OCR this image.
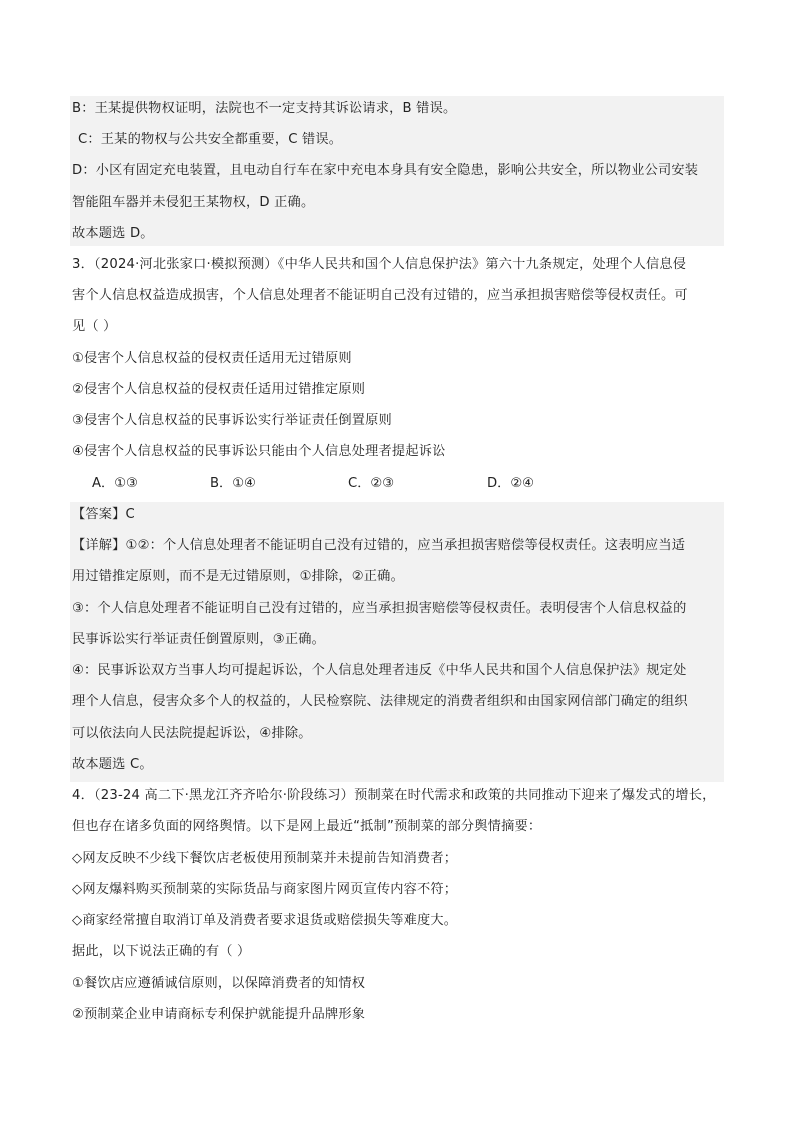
B：王某提供物权证明，法院也不一定支持其诉讼请求，B 错误。
C：王某的物权与公共安全都重要，C 错误。
D：小区有固定充电装置，且电动自行车在家中充电本身具有安全隐患，影响公共安全，所以物业公司安装
智能阻车器并未侵犯王某物权，D 正确。
故本题选 D。
3．（2024·河北张家口·模拟预测）《中华人民共和国个人信息保护法》第六十九条规定，处理个人信息侵
害个人信息权益造成损害，个人信息处理者不能证明自己没有过错的，应当承担损害赔偿等侵权责任。可
见（ ）
①侵害个人信息权益的侵权责任适用无过错原则
②侵害个人信息权益的侵权责任适用过错推定原则
③侵害个人信息权益的民事诉讼实行举证责任倒置原则
④侵害个人信息权益的民事诉讼只能由个人信息处理者提起诉讼
A．①③	B．①④	C．②③	D．②④
【答案】C
【详解】①②：个人信息处理者不能证明自己没有过错的，应当承担损害赔偿等侵权责任。这表明应当适
用过错推定原则，而不是无过错原则，①排除，②正确。
③：个人信息处理者不能证明自己没有过错的，应当承担损害赔偿等侵权责任。表明侵害个人信息权益的
民事诉讼实行举证责任倒置原则，③正确。
④：民事诉讼双方当事人均可提起诉讼，个人信息处理者违反《中华人民共和国个人信息保护法》规定处
理个人信息，侵害众多个人的权益的，人民检察院、法律规定的消费者组织和由国家网信部门确定的组织
可以依法向人民法院提起诉讼，④排除。
故本题选 C。
4．（23-24 高二下·黑龙江齐齐哈尔·阶段练习）预制菜在时代需求和政策的共同推动下迎来了爆发式的增长，
但也存在诸多负面的网络舆情。以下是网上最近“抵制”预制菜的部分舆情摘要：
◇网友反映不少线下餐饮店老板使用预制菜并未提前告知消费者；
◇网友爆料购买预制菜的实际货品与商家图片网页宣传内容不符；
◇商家经常擅自取消订单及消费者要求退货或赔偿损失等难度大。
据此，以下说法正确的有（ ）
①餐饮店应遵循诚信原则，以保障消费者的知情权
②预制菜企业申请商标专利保护就能提升品牌形象
